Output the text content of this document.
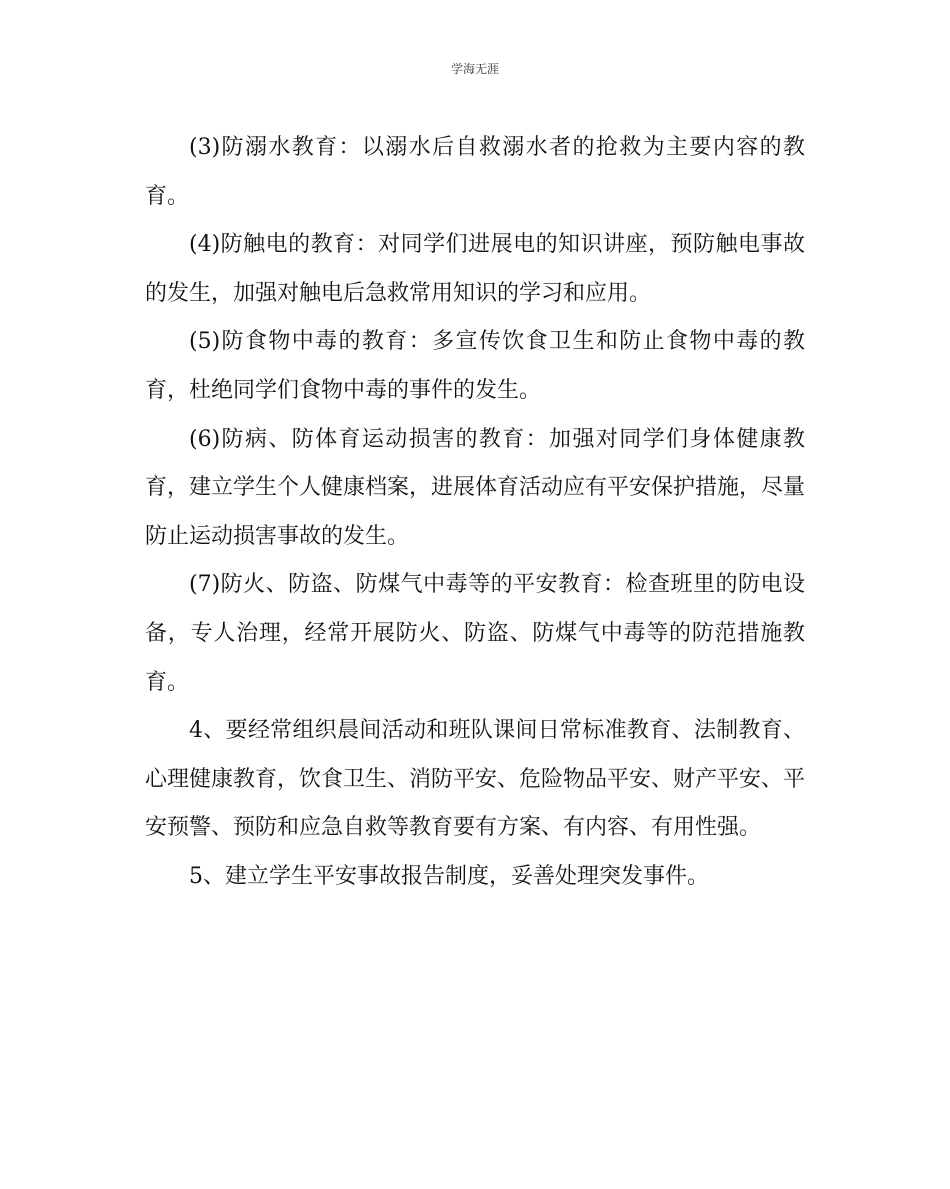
学海无涯

(3)防溺水教育：以溺水后自救溺水者的抢救为主要内容的教育。

(4)防触电的教育：对同学们进展电的知识讲座，预防触电事故的发生，加强对触电后急救常用知识的学习和应用。

(5)防食物中毒的教育：多宣传饮食卫生和防止食物中毒的教育，杜绝同学们食物中毒的事件的发生。

(6)防病、防体育运动损害的教育：加强对同学们身体健康教育，建立学生个人健康档案，进展体育活动应有平安保护措施，尽量防止运动损害事故的发生。

(7)防火、防盗、防煤气中毒等的平安教育：检查班里的防电设备，专人治理，经常开展防火、防盗、防煤气中毒等的防范措施教育。

4、要经常组织晨间活动和班队课间日常标准教育、法制教育、心理健康教育，饮食卫生、消防平安、危险物品平安、财产平安、平安预警、预防和应急自救等教育要有方案、有内容、有用性强。

5、建立学生平安事故报告制度，妥善处理突发事件。
